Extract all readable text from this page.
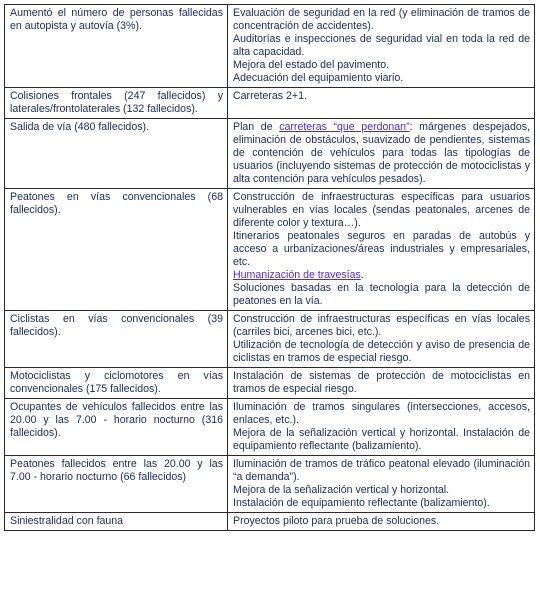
Aumentó el número de personas fallecidas en autopista y autovía (3%).	Evaluación de seguridad en la red (y eliminación de tramos de concentración de accidentes).
Auditorías e inspecciones de seguridad vial en toda la red de alta capacidad.
Mejora del estado del pavimento.
Adecuación del equipamiento viario.

Colisiones frontales (247 fallecidos) y laterales/frontolaterales (132 fallecidos).	Carreteras 2+1.

Salida de vía (480 fallecidos).	Plan de carreteras “que perdonan”: márgenes despejados, eliminación de obstáculos, suavizado de pendientes, sistemas de contención de vehículos para todas las tipologías de usuarios (incluyendo sistemas de protección de motociclistas y alta contención para vehículos pesados).

Peatones en vías convencionales (68 fallecidos).	Construcción de infraestructuras específicas para usuarios vulnerables en vías locales (sendas peatonales, arcenes de diferente color y textura…).
Itinerarios peatonales seguros en paradas de autobús y acceso a urbanizaciones/áreas industriales y empresariales, etc.
Humanización de travesías.
Soluciones basadas en la tecnología para la detección de peatones en la vía.

Ciclistas en vías convencionales (39 fallecidos).	Construcción de infraestructuras específicas en vías locales (carriles bici, arcenes bici, etc.).
Utilización de tecnología de detección y aviso de presencia de ciclistas en tramos de especial riesgo.

Motociclistas y ciclomotores en vías convencionales (175 fallecidos).	Instalación de sistemas de protección de motociclistas en tramos de especial riesgo.

Ocupantes de vehículos fallecidos entre las 20.00 y las 7.00 - horario nocturno (316 fallecidos).	Iluminación de tramos singulares (intersecciones, accesos, enlaces, etc.).
Mejora de la señalización vertical y horizontal. Instalación de equipamiento reflectante (balizamiento).

Peatones fallecidos entre las 20.00 y las 7.00 - horario nocturno (66 fallecidos)	Iluminación de tramos de tráfico peatonal elevado (iluminación “a demanda”).
Mejora de la señalización vertical y horizontal.
Instalación de equipamiento reflectante (balizamiento).

Siniestralidad con fauna	Proyectos piloto para prueba de soluciones.
